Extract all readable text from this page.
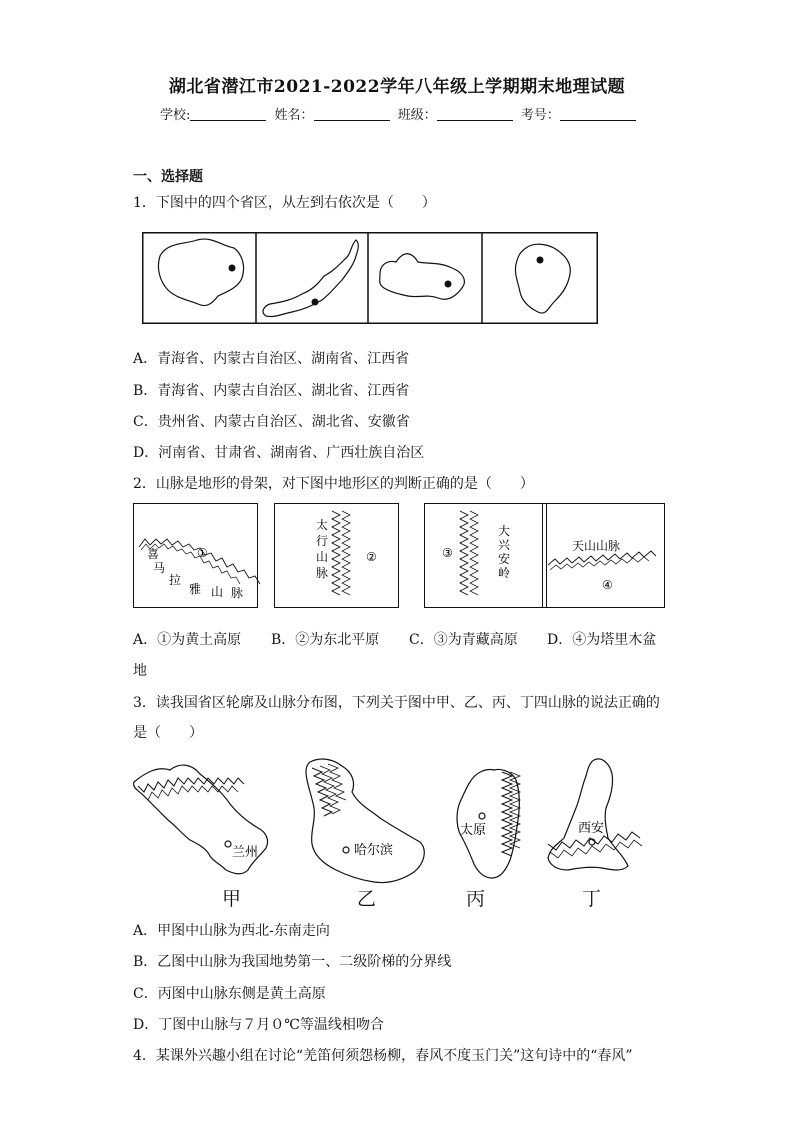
湖北省潜江市2021-2022学年八年级上学期期末地理试题
学校:	姓名：	班级：	考号：
一、选择题
1．下图中的四个省区，从左到右依次是（　　）
A．青海省、内蒙古自治区、湖南省、江西省
B．青海省、内蒙古自治区、湖北省、江西省
C．贵州省、内蒙古自治区、湖北省、安徽省
D．河南省、甘肃省、湖南省、广西壮族自治区
2．山脉是地形的骨架，对下图中地形区的判断正确的是（　　）
喜
马
拉
雅 山 脉
①
太
行
山
脉
②
大
兴
安
岭
③	天山山脉
④
A．①为黄土高原 B．②为东北平原 C．③为青藏高原 D．④为塔里木盆
地
3．读我国省区轮廓及山脉分布图，下列关于图中甲、乙、丙、丁四山脉的说法正确的
是（　　）
兰州	哈尔滨
太原	西安
甲	乙	丙	丁
A．甲图中山脉为西北-东南走向
B．乙图中山脉为我国地势第一、二级阶梯的分界线
C．丙图中山脉东侧是黄土高原
D．丁图中山脉与７月０℃等温线相吻合
4．某课外兴趣小组在讨论“羌笛何须怨杨柳，春风不度玉门关”这句诗中的“春风”
